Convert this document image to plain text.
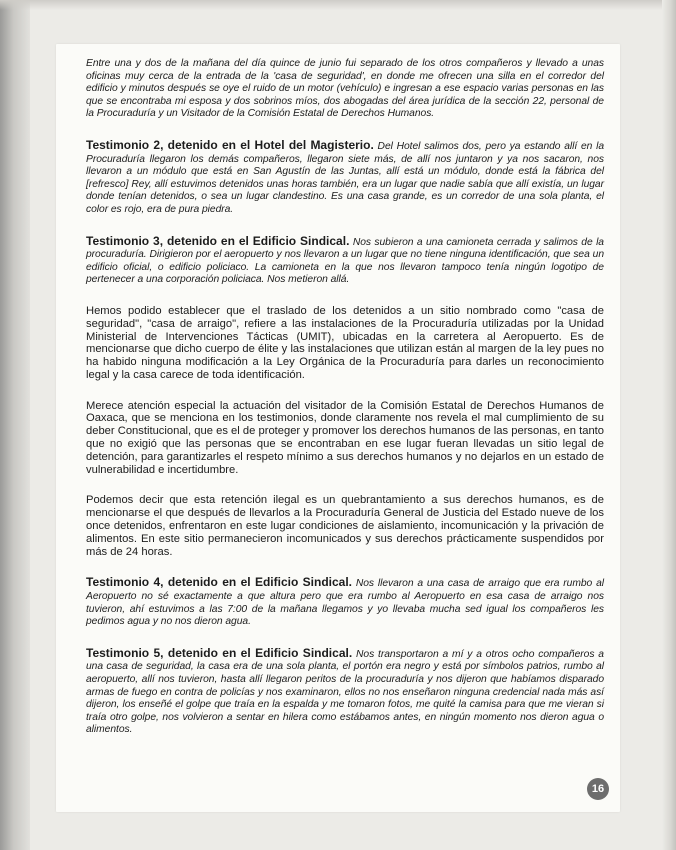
Entre una y dos de la mañana del día quince de junio fui separado de los otros compañeros y llevado a unas oficinas muy cerca de la entrada de la 'casa de seguridad', en donde me ofrecen una silla en el corredor del edificio y minutos después se oye el ruido de un motor (vehículo) e ingresan a ese espacio varias personas en las que se encontraba mi esposa y dos sobrinos míos, dos abogadas del área jurídica de la sección 22, personal de la Procuraduría y un Visitador de la Comisión Estatal de Derechos Humanos.

Testimonio 2, detenido en el Hotel del Magisterio. Del Hotel salimos dos, pero ya estando allí en la Procuraduría llegaron los demás compañeros, llegaron siete más, de allí nos juntaron y ya nos sacaron, nos llevaron a un módulo que está en San Agustín de las Juntas, allí está un módulo, donde está la fábrica del [refresco] Rey, allí estuvimos detenidos unas horas también, era un lugar que nadie sabía que allí existía, un lugar donde tenían detenidos, o sea un lugar clandestino. Es una casa grande, es un corredor de una sola planta, el color es rojo, era de pura piedra.

Testimonio 3, detenido en el Edificio Sindical. Nos subieron a una camioneta cerrada y salimos de la procuraduría. Dirigieron por el aeropuerto y nos llevaron a un lugar que no tiene ninguna identificación, que sea un edificio oficial, o edificio policiaco. La camioneta en la que nos llevaron tampoco tenía ningún logotipo de pertenecer a una corporación policiaca. Nos metieron allá.

Hemos podido establecer que el traslado de los detenidos a un sitio nombrado como "casa de seguridad", "casa de arraigo", refiere a las instalaciones de la Procuraduría utilizadas por la Unidad Ministerial de Intervenciones Tácticas (UMIT), ubicadas en la carretera al Aeropuerto. Es de mencionarse que dicho cuerpo de élite y las instalaciones que utilizan están al margen de la ley pues no ha habido ninguna modificación a la Ley Orgánica de la Procuraduría para darles un reconocimiento legal y la casa carece de toda identificación.

Merece atención especial la actuación del visitador de la Comisión Estatal de Derechos Humanos de Oaxaca, que se menciona en los testimonios, donde claramente nos revela el mal cumplimiento de su deber Constitucional, que es el de proteger y promover los derechos humanos de las personas, en tanto que no exigió que las personas que se encontraban en ese lugar fueran llevadas un sitio legal de detención, para garantizarles el respeto mínimo a sus derechos humanos y no dejarlos en un estado de vulnerabilidad e incertidumbre.

Podemos decir que esta retención ilegal es un quebrantamiento a sus derechos humanos, es de mencionarse el que después de llevarlos a la Procuraduría General de Justicia del Estado nueve de los once detenidos, enfrentaron en este lugar condiciones de aislamiento, incomunicación y la privación de alimentos. En este sitio permanecieron incomunicados y sus derechos prácticamente suspendidos por más de 24 horas.

Testimonio 4, detenido en el Edificio Sindical. Nos llevaron a una casa de arraigo que era rumbo al Aeropuerto no sé exactamente a que altura pero que era rumbo al Aeropuerto en esa casa de arraigo nos tuvieron, ahí estuvimos a las 7:00 de la mañana llegamos y yo llevaba mucha sed igual los compañeros les pedimos agua y no nos dieron agua.

Testimonio 5, detenido en el Edificio Sindical. Nos transportaron a mí y a otros ocho compañeros a una casa de seguridad, la casa era de una sola planta, el portón era negro y está por símbolos patrios, rumbo al aeropuerto, allí nos tuvieron, hasta allí llegaron peritos de la procuraduría y nos dijeron que habíamos disparado armas de fuego en contra de policías y nos examinaron, ellos no nos enseñaron ninguna credencial nada más así dijeron, los enseñé el golpe que traía en la espalda y me tomaron fotos, me quité la camisa para que me vieran si traía otro golpe, nos volvieron a sentar en hilera como estábamos antes, en ningún momento nos dieron agua o alimentos.

16
